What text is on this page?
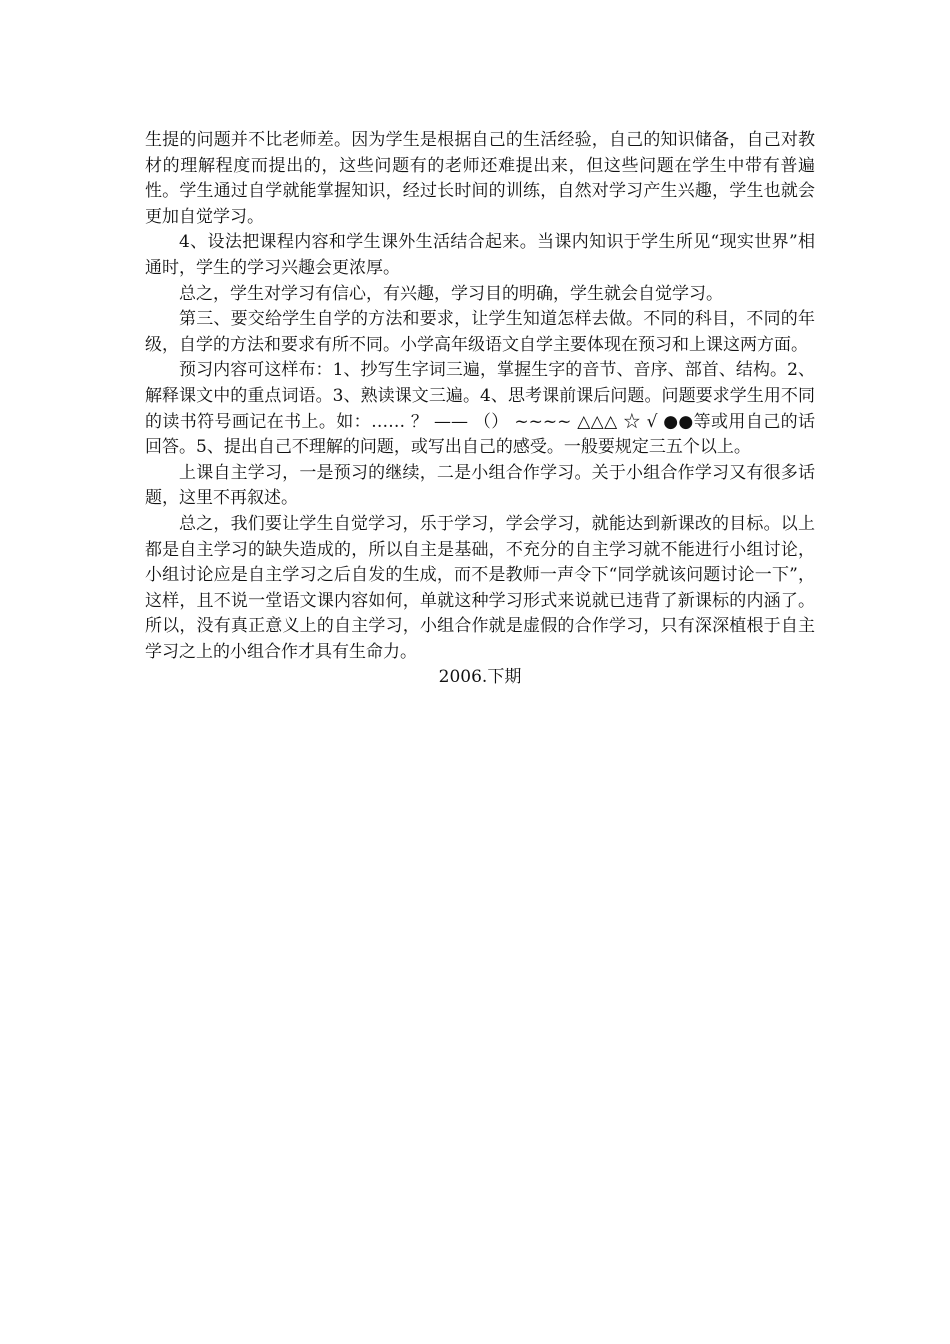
生提的问题并不比老师差。因为学生是根据自己的生活经验，自己的知识储备，自己对教材的理解程度而提出的，这些问题有的老师还难提出来，但这些问题在学生中带有普遍性。学生通过自学就能掌握知识，经过长时间的训练，自然对学习产生兴趣，学生也就会更加自觉学习。

4、设法把课程内容和学生课外生活结合起来。当课内知识于学生所见“现实世界”相通时，学生的学习兴趣会更浓厚。

总之，学生对学习有信心，有兴趣，学习目的明确，学生就会自觉学习。

第三、要交给学生自学的方法和要求，让学生知道怎样去做。不同的科目，不同的年级，自学的方法和要求有所不同。小学高年级语文自学主要体现在预习和上课这两方面。

预习内容可这样布：1、抄写生字词三遍，掌握生字的音节、音序、部首、结构。2、解释课文中的重点词语。3、熟读课文三遍。4、思考课前课后问题。问题要求学生用不同的读书符号画记在书上。如：…… ？ —— （） ~~~~ △△△ ☆ √ ●●等或用自己的话回答。5、提出自己不理解的问题，或写出自己的感受。一般要规定三五个以上。

上课自主学习，一是预习的继续，二是小组合作学习。关于小组合作学习又有很多话题，这里不再叙述。

总之，我们要让学生自觉学习，乐于学习，学会学习，就能达到新课改的目标。以上都是自主学习的缺失造成的，所以自主是基础，不充分的自主学习就不能进行小组讨论，小组讨论应是自主学习之后自发的生成，而不是教师一声令下“同学就该问题讨论一下”，这样，且不说一堂语文课内容如何，单就这种学习形式来说就已违背了新课标的内涵了。所以，没有真正意义上的自主学习，小组合作就是虚假的合作学习，只有深深植根于自主学习之上的小组合作才具有生命力。

2006.下期
